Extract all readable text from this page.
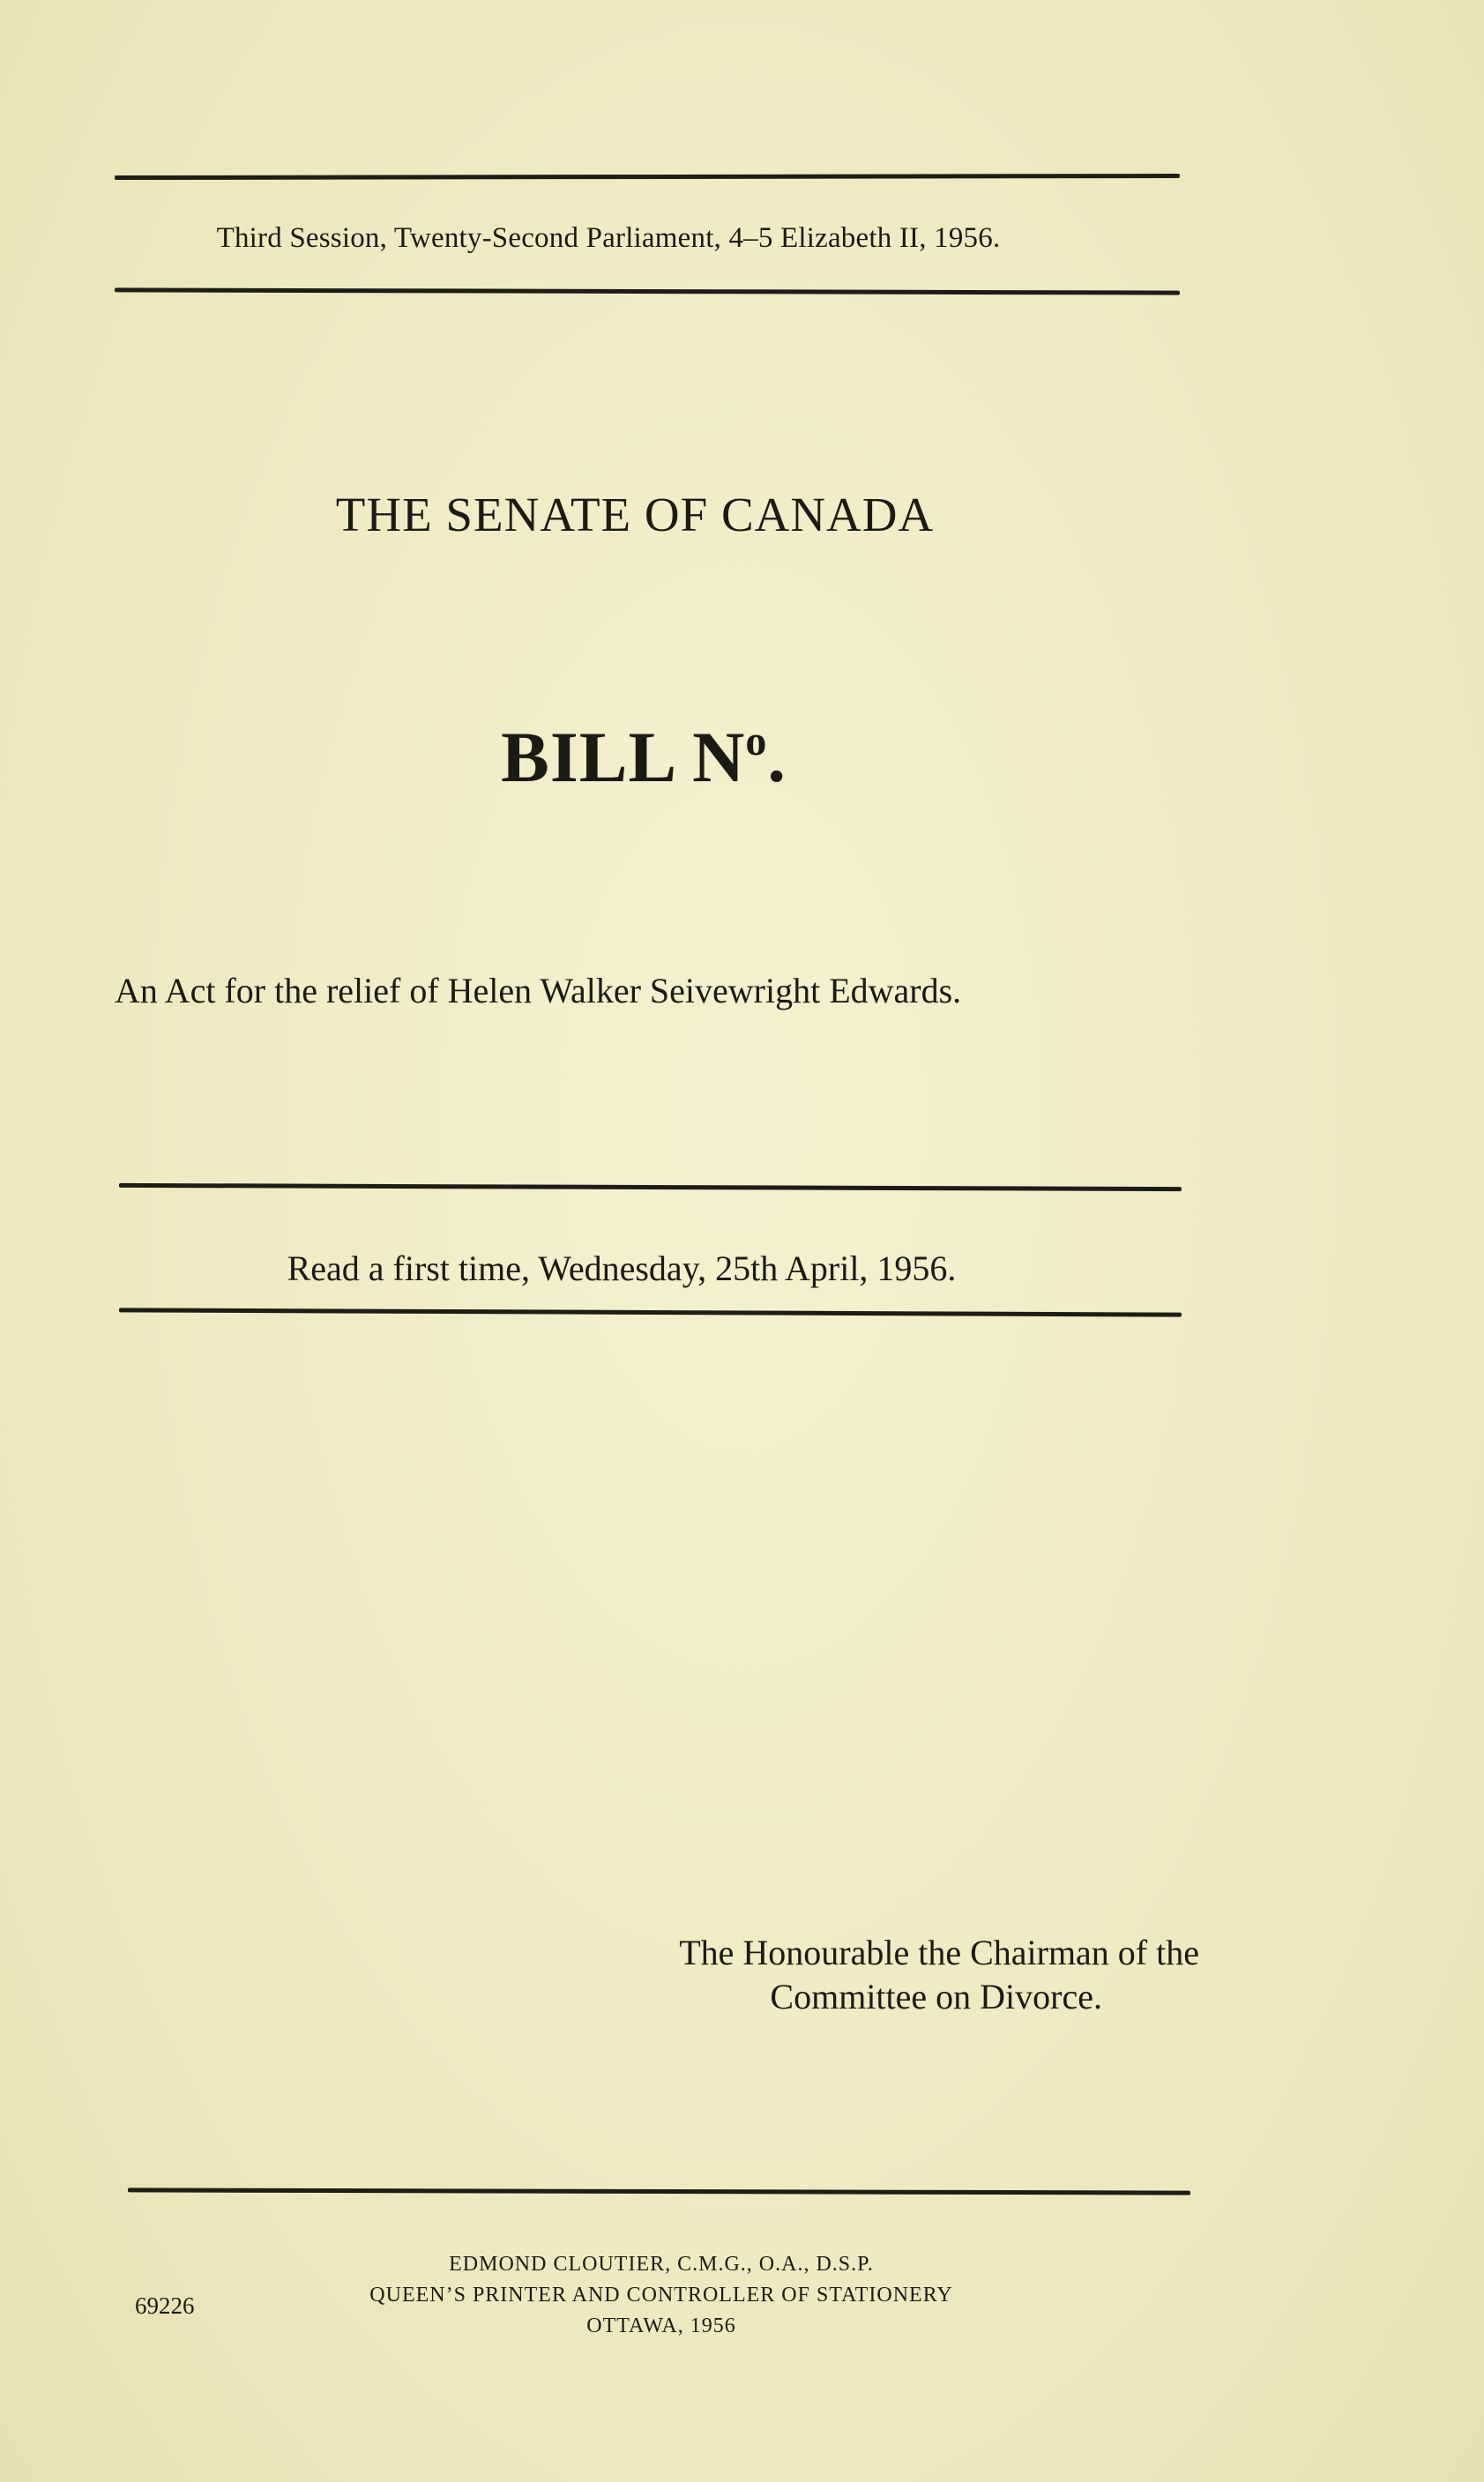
Third Session, Twenty-Second Parliament, 4–5 Elizabeth II, 1956.
THE SENATE OF CANADA
BILL $N^o$.
An Act for the relief of Helen Walker Seivewright Edwards.
Read a first time, Wednesday, 25th April, 1956.
The Honourable the Chairman of the
Committee on Divorce.
EDMOND CLOUTIER, C.M.G., O.A., D.S.P.
QUEEN’S PRINTER AND CONTROLLER OF STATIONERY
OTTAWA, 1956
69226
